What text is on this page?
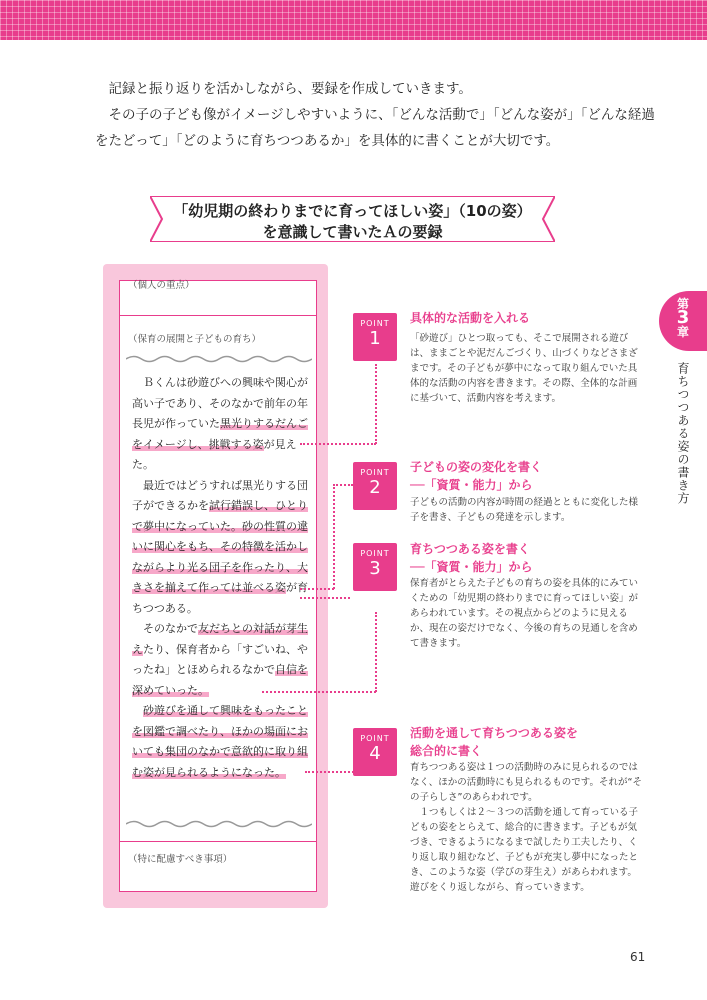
記録と振り返りを活かしながら、要録を作成していきます。

その子の子ども像がイメージしやすいように、「どんな活動で」「どんな姿が」「どんな経過をたどって」「どのように育ちつつあるか」を具体的に書くことが大切です。

「幼児期の終わりまでに育ってほしい姿」（10の姿）
を意識して書いたＡの要録
第
3
章
育ちつつある姿の書き方
（個人の重点）
（保育の展開と子どもの育ち）

Ｂくんは砂遊びへの興味や関心が高い子であり、そのなかで前年の年長児が作っていた黒光りするだんごをイメージし、挑戦する姿が見えた。

最近ではどうすれば黒光りする団子ができるかを試行錯誤し、ひとりで夢中になっていた。砂の性質の違いに関心をもち、その特徴を活かしながらより光る団子を作ったり、大きさを揃えて作っては並べる姿が育ちつつある。

そのなかで友だちとの対話が芽生えたり、保育者から「すごいね、やったね」とほめられるなかで自信を深めていった。

砂遊びを通して興味をもったことを図鑑で調べたり、ほかの場面においても集団のなかで意欲的に取り組む姿が見られるようになった。

（特に配慮すべき事項）
POINT
1
具体的な活動を入れる
「砂遊び」ひとつ取っても、そこで展開される遊びは、ままごとや泥だんごづくり、山づくりなどさまざまです。その子どもが夢中になって取り組んでいた具体的な活動の内容を書きます。その際、全体的な計画に基づいて、活動内容を考えます。
POINT
2
子どもの姿の変化を書く
──「資質・能力」から
子どもの活動の内容が時間の経過とともに変化した様子を書き、子どもの発達を示します。
POINT
3
育ちつつある姿を書く
──「資質・能力」から
保育者がとらえた子どもの育ちの姿を具体的にみていくための「幼児期の終わりまでに育ってほしい姿」があらわれています。その視点からどのように見えるか、現在の姿だけでなく、今後の育ちの見通しを含めて書きます。
POINT
4
活動を通して育ちつつある姿を
総合的に書く
育ちつつある姿は１つの活動時のみに見られるのではなく、ほかの活動時にも見られるものです。それが“その子らしさ”のあらわれです。
１つもしくは２～３つの活動を通して育っている子どもの姿をとらえて、総合的に書きます。子どもが気づき、できるようになるまで試したり工夫したり、くり返し取り組むなど、子どもが充実し夢中になったとき、このような姿（学びの芽生え）があらわれます。遊びをくり返しながら、育っていきます。
61
